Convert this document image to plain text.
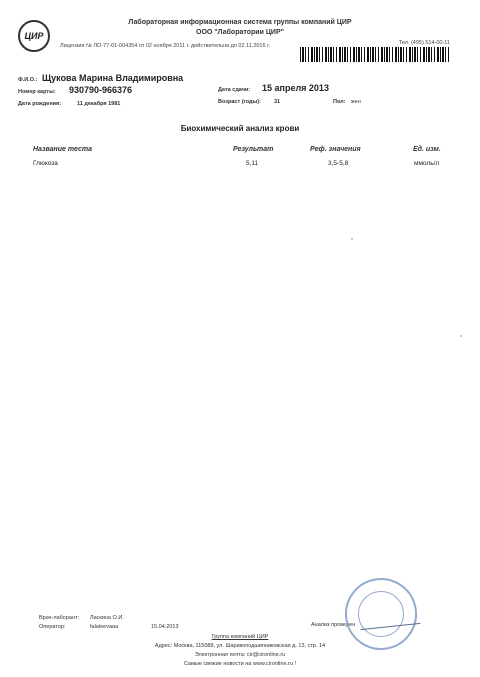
ЦИР
Лабораторная информационная система группы компаний ЦИР
ООО "Лаборатории ЦИР"
Лицензия № ЛО-77-01-004354 от 02 ноября 2011 г. действительна до 02.11.2016 г.	Тел. (495) 514-00-11
Ф.И.О.: Щукова Марина Владимировна
Номер карты: 930790-966376
Дата рождения:	11 декабря 1981
Дата сдачи: 15 апреля 2013
Возраст (годы): 31	Пол: жен
Биохимический анализ крови
Название теста	Результат	Реф. значения	Ед. изм.
Глюкоза	5,11	3,5-5,8	ммоль/л
Врач-лаборант: Ласкина О.И.
Оператор:	falaleevaaa	15.04.2013	Анализ проверен
Группа компаний ЦИР
Адрес: Москва, 115088, ул. Шарикоподшипниковская д. 13, стр. 14
Электронная почта: cir@cironline.ru
Самые свежие новости на www.cironline.ru !
